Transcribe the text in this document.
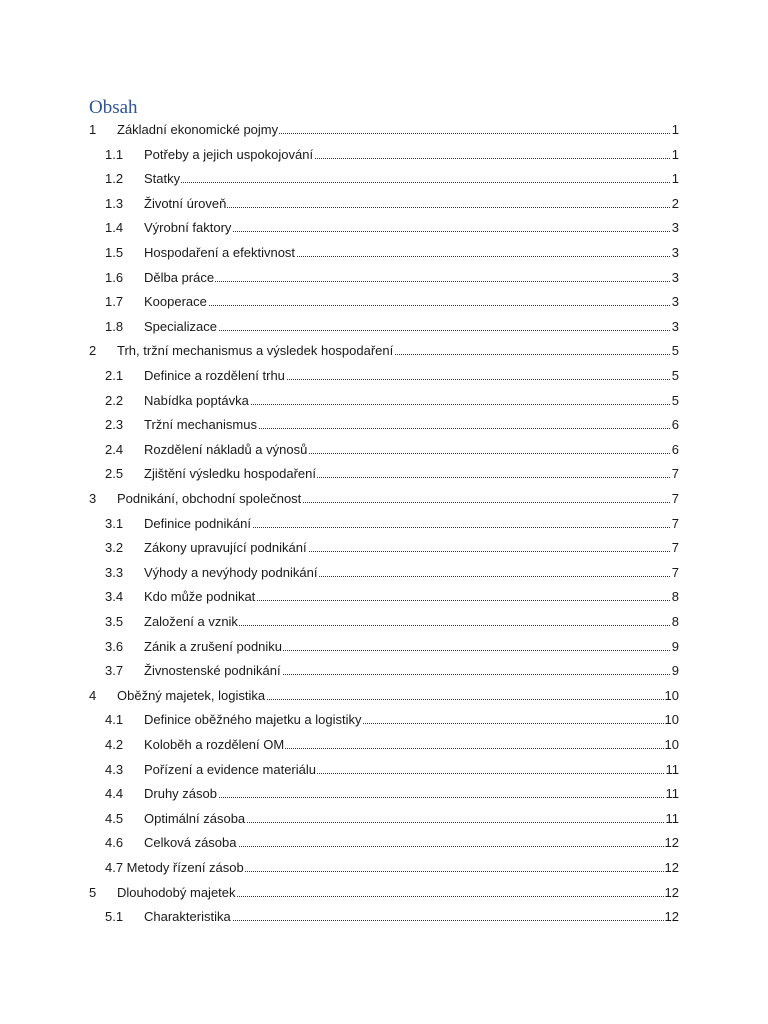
Obsah
1 Základní ekonomické pojmy	1
1.1 Potřeby a jejich uspokojování	1
1.2 Statky	1
1.3 Životní úroveň	2
1.4 Výrobní faktory	3
1.5 Hospodaření a efektivnost	3
1.6 Dělba práce	3
1.7 Kooperace	3
1.8 Specializace	3
2 Trh, tržní mechanismus a výsledek hospodaření	5
2.1 Definice a rozdělení trhu	5
2.2 Nabídka poptávka	5
2.3 Tržní mechanismus	6
2.4 Rozdělení nákladů a výnosů	6
2.5 Zjištění výsledku hospodaření	7
3 Podnikání, obchodní společnost	7
3.1 Definice podnikání	7
3.2 Zákony upravující podnikání	7
3.3 Výhody a nevýhody podnikání	7
3.4 Kdo může podnikat	8
3.5 Založení a vznik	8
3.6 Zánik a zrušení podniku	9
3.7 Živnostenské podnikání	9
4 Oběžný majetek, logistika	10
4.1 Definice oběžného majetku a logistiky	10
4.2 Koloběh a rozdělení OM	10
4.3 Pořízení a evidence materiálu	11
4.4 Druhy zásob	11
4.5 Optimální zásoba	11
4.6 Celková zásoba	12
4.7 Metody řízení zásob	12
5 Dlouhodobý majetek	12
5.1 Charakteristika	12
